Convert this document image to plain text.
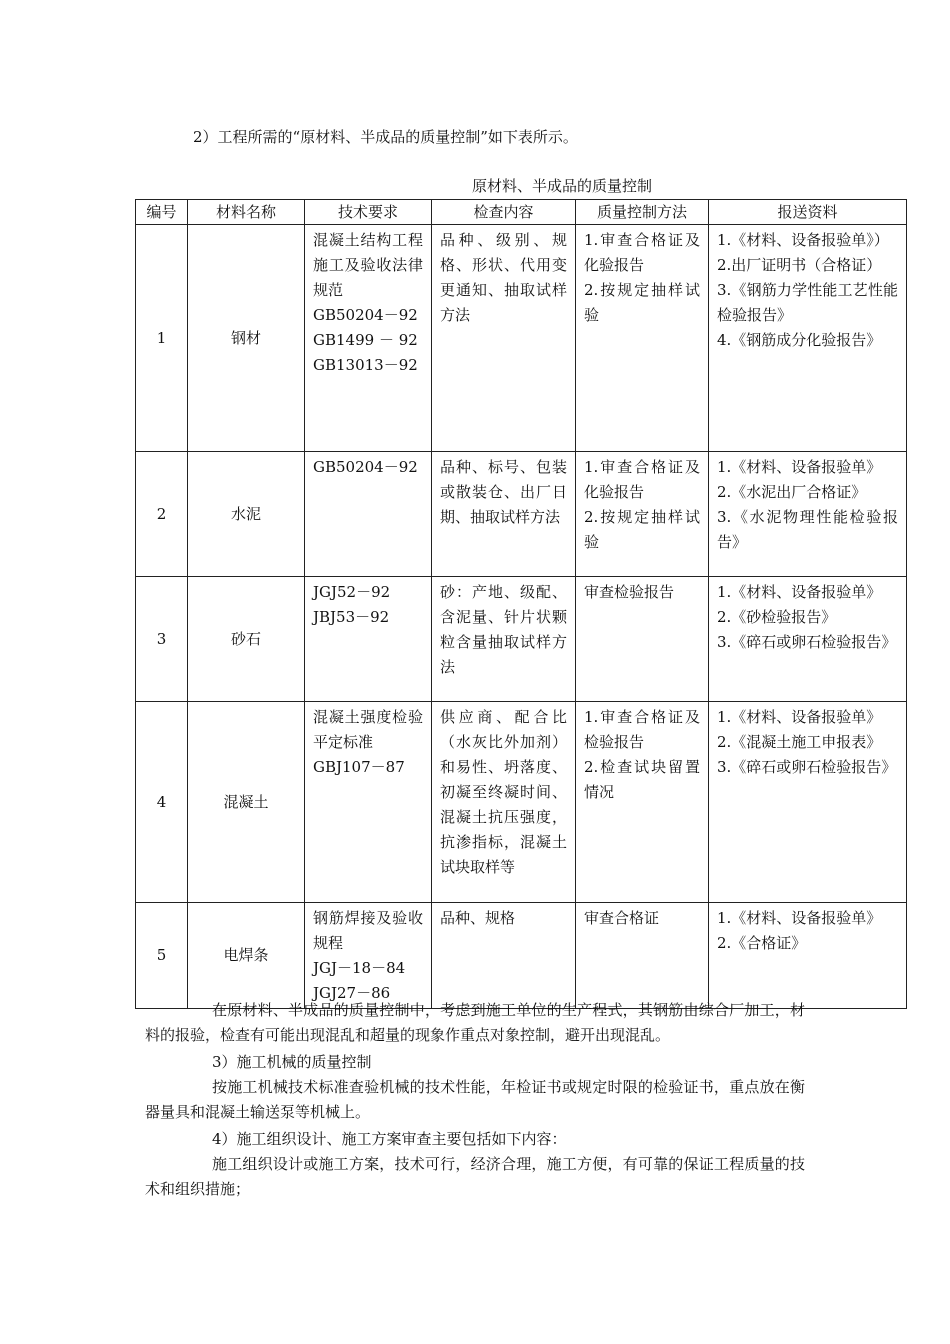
2）工程所需的“原材料、半成品的质量控制”如下表所示。

原材料、半成品的质量控制

编号	材料名称	技术要求	检查内容	质量控制方法	报送资料
1	钢材	混凝土结构工程施工及验收法律规范
GB50204－92
GB1499 － 92
GB13013－92	品种、级别、规格、形状、代用变更通知、抽取试样方法	1.审查合格证及化验报告
2.按规定抽样试验	1.《材料、设备报验单》）
2.出厂证明书（合格证）
3.《钢筋力学性能工艺性能检验报告》
4.《钢筋成分化验报告》

2	水泥	GB50204－92	品种、标号、包装或散装仓、出厂日期、抽取试样方法	1.审查合格证及化验报告
2.按规定抽样试验	1.《材料、设备报验单》
2.《水泥出厂合格证》
3.《水泥物理性能检验报告》

3	砂石	JGJ52－92
JBJ53－92	砂：产地、级配、含泥量、针片状颗粒含量抽取试样方法	审查检验报告	1.《材料、设备报验单》
2.《砂检验报告》
3.《碎石或卵石检验报告》

4	混凝土	混凝土强度检验平定标准
GBJ107－87	供应商、配合比（水灰比外加剂）和易性、坍落度、初凝至终凝时间、混凝土抗压强度，抗渗指标，混凝土试块取样等	1.审查合格证及检验报告
2.检查试块留置情况	1.《材料、设备报验单》
2.《混凝土施工申报表》
3.《碎石或卵石检验报告》

5	电焊条	钢筋焊接及验收规程
JGJ－18－84
JGJ27－86	品种、规格	审查合格证	1.《材料、设备报验单》
2.《合格证》

在原材料、半成品的质量控制中，考虑到施工单位的生产程式，其钢筋由综合厂加工，材料的报验，检查有可能出现混乱和超量的现象作重点对象控制，避开出现混乱。

3）施工机械的质量控制

按施工机械技术标准查验机械的技术性能，年检证书或规定时限的检验证书，重点放在衡器量具和混凝土输送泵等机械上。

4）施工组织设计、施工方案审查主要包括如下内容：

施工组织设计或施工方案，技术可行，经济合理，施工方便，有可靠的保证工程质量的技术和组织措施；
